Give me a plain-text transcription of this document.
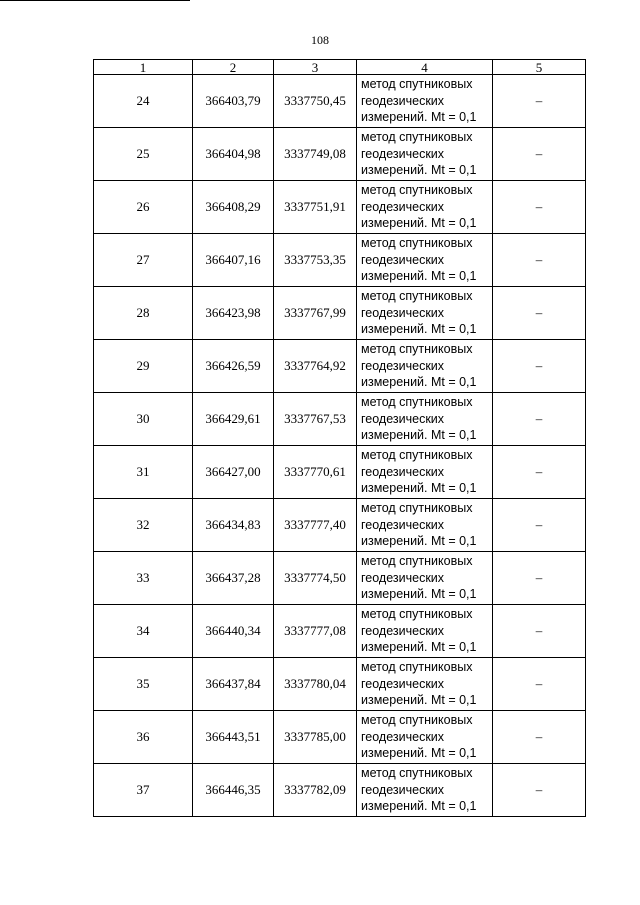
108
1	2	3	4	5
24	366403,79	3337750,45	метод спутниковых
геодезических
измерений. Mt = 0,1	–
25	366404,98	3337749,08	метод спутниковых
геодезических
измерений. Mt = 0,1	–
26	366408,29	3337751,91	метод спутниковых
геодезических
измерений. Mt = 0,1	–
27	366407,16	3337753,35	метод спутниковых
геодезических
измерений. Mt = 0,1	–
28	366423,98	3337767,99	метод спутниковых
геодезических
измерений. Mt = 0,1	–
29	366426,59	3337764,92	метод спутниковых
геодезических
измерений. Mt = 0,1	–
30	366429,61	3337767,53	метод спутниковых
геодезических
измерений. Mt = 0,1	–
31	366427,00	3337770,61	метод спутниковых
геодезических
измерений. Mt = 0,1	–
32	366434,83	3337777,40	метод спутниковых
геодезических
измерений. Mt = 0,1	–
33	366437,28	3337774,50	метод спутниковых
геодезических
измерений. Mt = 0,1	–
34	366440,34	3337777,08	метод спутниковых
геодезических
измерений. Mt = 0,1	–
35	366437,84	3337780,04	метод спутниковых
геодезических
измерений. Mt = 0,1	–
36	366443,51	3337785,00	метод спутниковых
геодезических
измерений. Mt = 0,1	–
37	366446,35	3337782,09	метод спутниковых
геодезических
измерений. Mt = 0,1	–
